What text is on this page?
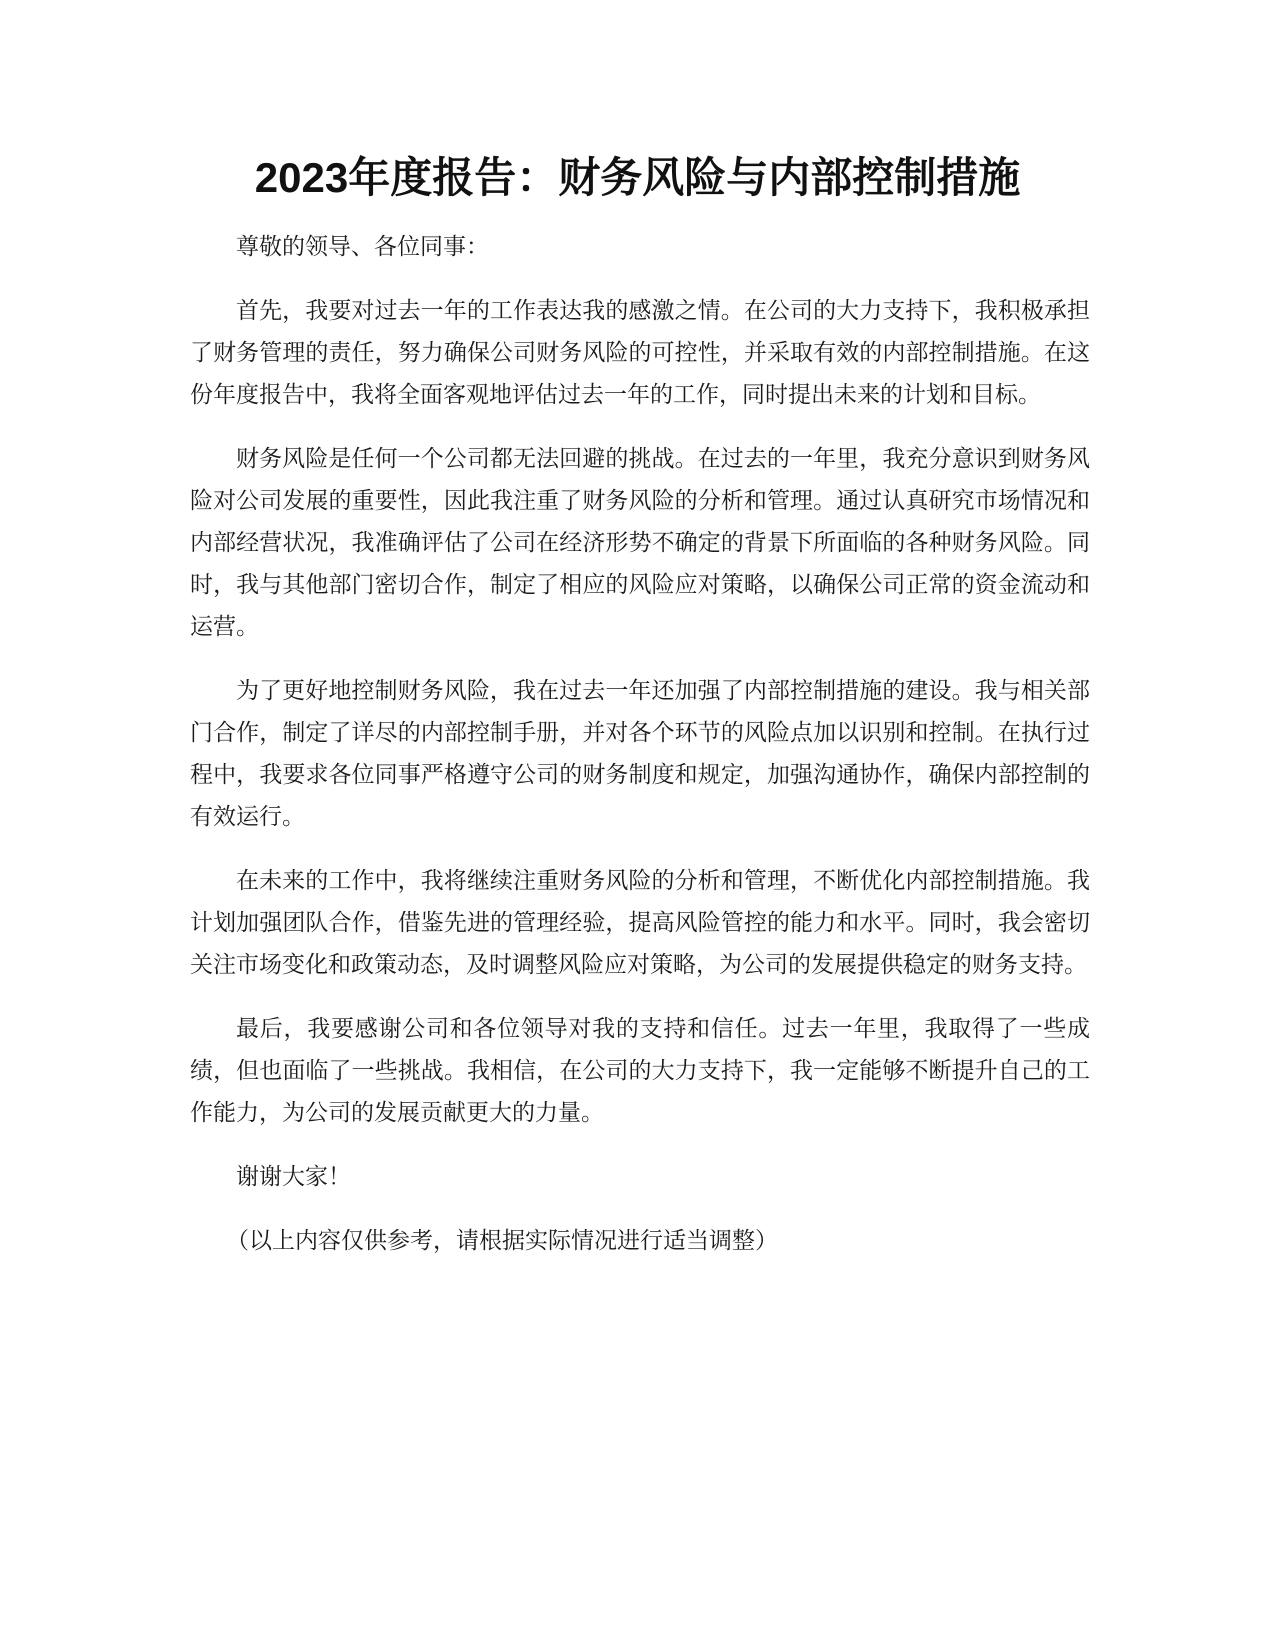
2023年度报告：财务风险与内部控制措施

尊敬的领导、各位同事：

首先，我要对过去一年的工作表达我的感激之情。在公司的大力支持下，我积极承担了财务管理的责任，努力确保公司财务风险的可控性，并采取有效的内部控制措施。在这份年度报告中，我将全面客观地评估过去一年的工作，同时提出未来的计划和目标。

财务风险是任何一个公司都无法回避的挑战。在过去的一年里，我充分意识到财务风险对公司发展的重要性，因此我注重了财务风险的分析和管理。通过认真研究市场情况和内部经营状况，我准确评估了公司在经济形势不确定的背景下所面临的各种财务风险。同时，我与其他部门密切合作，制定了相应的风险应对策略，以确保公司正常的资金流动和运营。

为了更好地控制财务风险，我在过去一年还加强了内部控制措施的建设。我与相关部门合作，制定了详尽的内部控制手册，并对各个环节的风险点加以识别和控制。在执行过程中，我要求各位同事严格遵守公司的财务制度和规定，加强沟通协作，确保内部控制的有效运行。

在未来的工作中，我将继续注重财务风险的分析和管理，不断优化内部控制措施。我计划加强团队合作，借鉴先进的管理经验，提高风险管控的能力和水平。同时，我会密切关注市场变化和政策动态，及时调整风险应对策略，为公司的发展提供稳定的财务支持。

最后，我要感谢公司和各位领导对我的支持和信任。过去一年里，我取得了一些成绩，但也面临了一些挑战。我相信，在公司的大力支持下，我一定能够不断提升自己的工作能力，为公司的发展贡献更大的力量。

谢谢大家！

（以上内容仅供参考，请根据实际情况进行适当调整）
